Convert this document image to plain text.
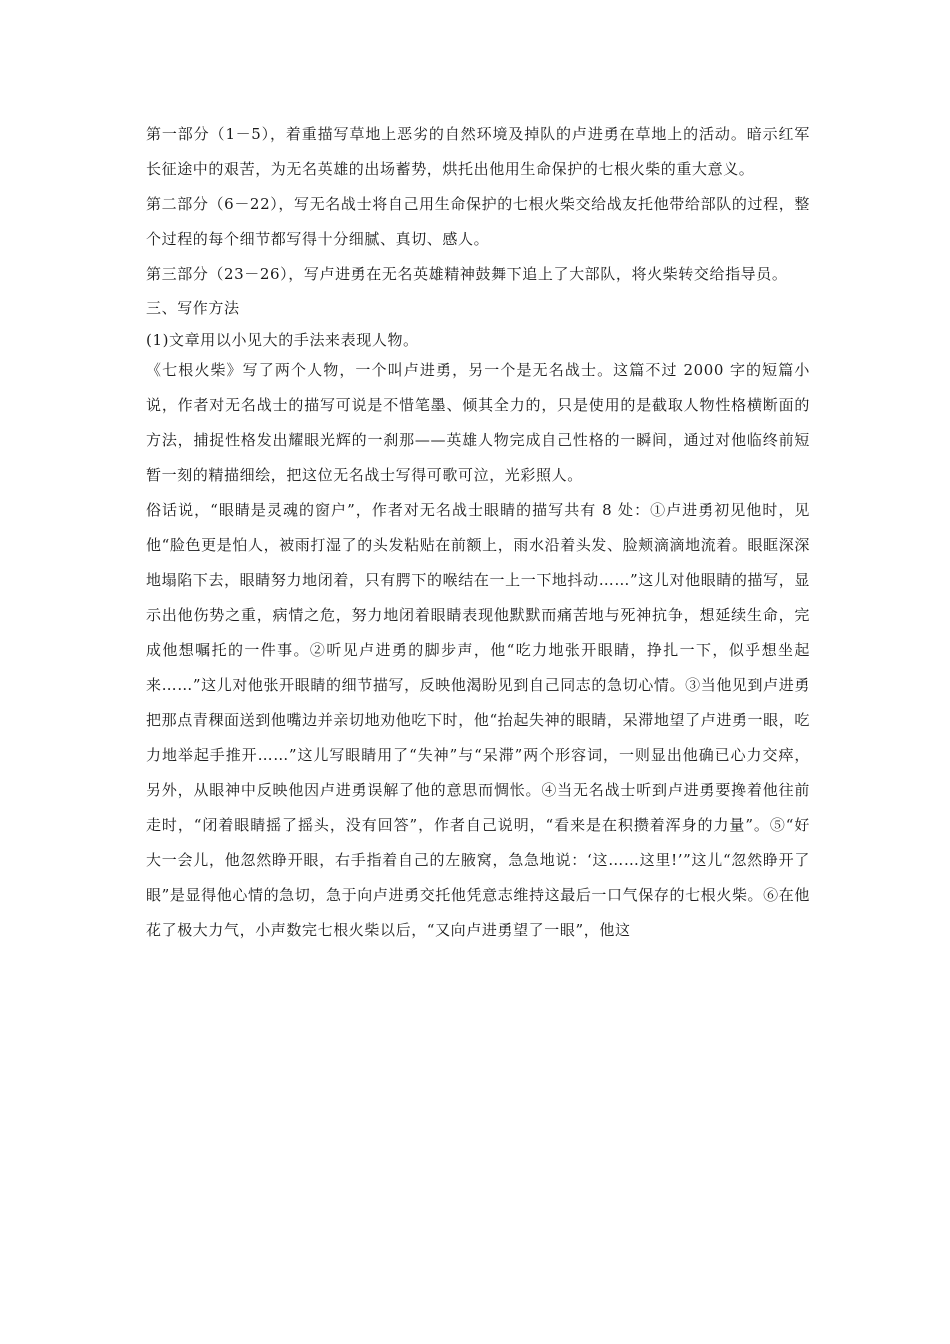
第一部分（1－5），着重描写草地上恶劣的自然环境及掉队的卢进勇在草地上的活动。暗示红军长征途中的艰苦，为无名英雄的出场蓄势，烘托出他用生命保护的七根火柴的重大意义。

第二部分（6－22），写无名战士将自己用生命保护的七根火柴交给战友托他带给部队的过程，整个过程的每个细节都写得十分细腻、真切、感人。

第三部分（23－26），写卢进勇在无名英雄精神鼓舞下追上了大部队，将火柴转交给指导员。

三、写作方法

(1)文章用以小见大的手法来表现人物。

《七根火柴》写了两个人物，一个叫卢进勇，另一个是无名战士。这篇不过 2000 字的短篇小说，作者对无名战士的描写可说是不惜笔墨、倾其全力的，只是使用的是截取人物性格横断面的方法，捕捉性格发出耀眼光辉的一刹那——英雄人物完成自己性格的一瞬间，通过对他临终前短暂一刻的精描细绘，把这位无名战士写得可歌可泣，光彩照人。

俗话说，“眼睛是灵魂的窗户”，作者对无名战士眼睛的描写共有 8 处：①卢进勇初见他时，见他“脸色更是怕人，被雨打湿了的头发粘贴在前额上，雨水沿着头发、脸颊滴滴地流着。眼眶深深地塌陷下去，眼睛努力地闭着，只有腭下的喉结在一上一下地抖动……”这儿对他眼睛的描写，显示出他伤势之重，病情之危，努力地闭着眼睛表现他默默而痛苦地与死神抗争，想延续生命，完成他想嘱托的一件事。②听见卢进勇的脚步声，他“吃力地张开眼睛，挣扎一下，似乎想坐起来……”这儿对他张开眼睛的细节描写，反映他渴盼见到自己同志的急切心情。③当他见到卢进勇把那点青稞面送到他嘴边并亲切地劝他吃下时，他“抬起失神的眼睛，呆滞地望了卢进勇一眼，吃力地举起手推开……”这儿写眼睛用了“失神”与“呆滞”两个形容词，一则显出他确已心力交瘁，另外，从眼神中反映他因卢进勇误解了他的意思而惆怅。④当无名战士听到卢进勇要搀着他往前走时，“闭着眼睛摇了摇头，没有回答”，作者自己说明，“看来是在积攒着浑身的力量”。⑤“好大一会儿，他忽然睁开眼，右手指着自己的左腋窝，急急地说：‘这……这里!’”这儿“忽然睁开了眼”是显得他心情的急切，急于向卢进勇交托他凭意志维持这最后一口气保存的七根火柴。⑥在他花了极大力气，小声数完七根火柴以后，“又向卢进勇望了一眼”，他这
